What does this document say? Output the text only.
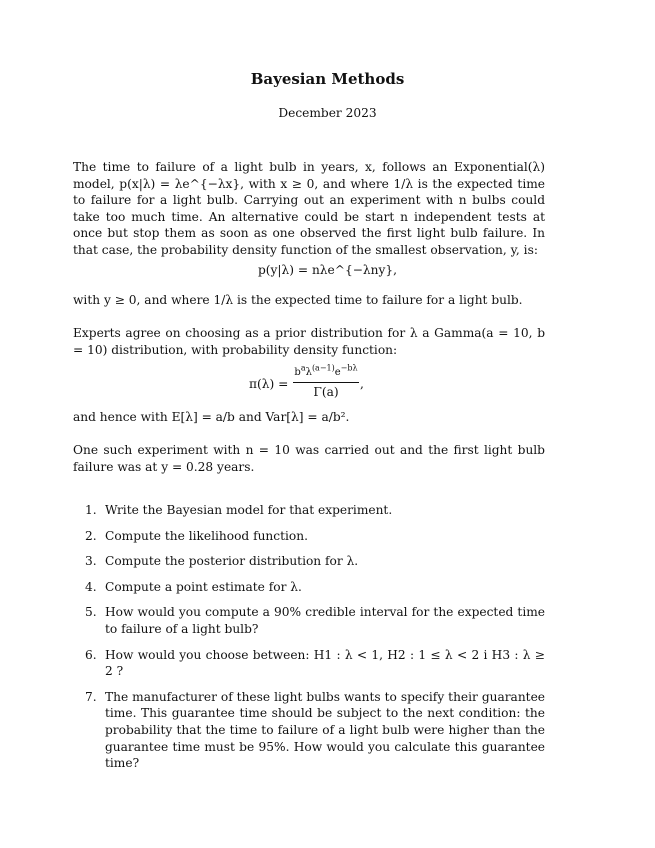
Bayesian Methods
December 2023
The time to failure of a light bulb in years, x, follows an Exponential(λ) model, p(x|λ) = λe^{−λx}, with x ≥ 0, and where 1/λ is the expected time to failure for a light bulb. Carrying out an experiment with n bulbs could take too much time. An alternative could be start n independent tests at once but stop them as soon as one observed the first light bulb failure. In that case, the probability density function of the smallest observation, y, is:
p(y|λ) = nλe^{−λny},
with y ≥ 0, and where 1/λ is the expected time to failure for a light bulb.
Experts agree on choosing as a prior distribution for λ a Gamma(a = 10, b = 10) distribution, with probability density function:
π(λ) =
$b^a\lambda^{(a-1)}e^{-b\lambda}$
Γ(a)
,
and hence with E[λ] = a/b and Var[λ] = a/b².
One such experiment with n = 10 was carried out and the first light bulb failure was at y = 0.28 years.
1. Write the Bayesian model for that experiment.
2. Compute the likelihood function.
3. Compute the posterior distribution for λ.
4. Compute a point estimate for λ.
5. How would you compute a 90% credible interval for the expected time to failure of a light bulb?
6. How would you choose between: H1 : λ < 1, H2 : 1 ≤ λ < 2 i H3 : λ ≥ 2 ?
7. The manufacturer of these light bulbs wants to specify their guarantee time. This guarantee time should be subject to the next condition: the probability that the time to failure of a light bulb were higher than the guarantee time must be 95%. How would you calculate this guarantee time?
